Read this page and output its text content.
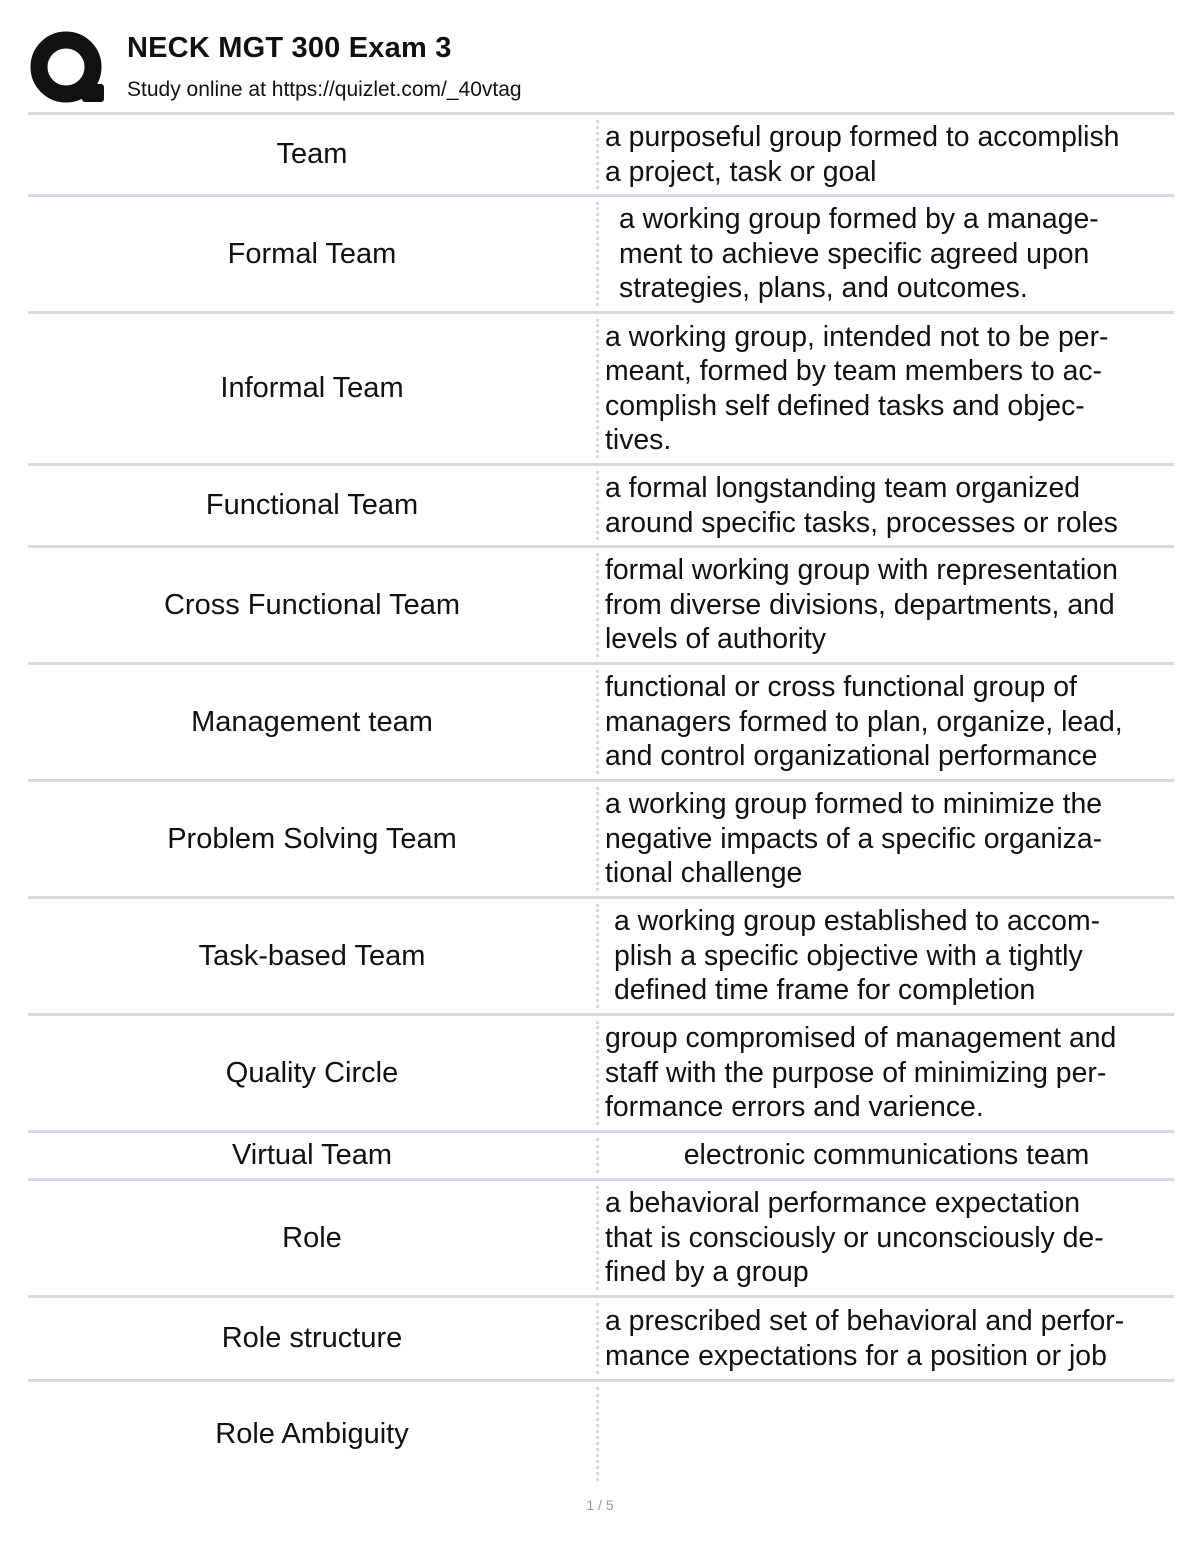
NECK MGT 300 Exam 3
Study online at https://quizlet.com/_40vtag
Team
a purposeful group formed to accomplish
a project, task or goal
Formal Team
a working group formed by a manage-
ment to achieve specific agreed upon
strategies, plans, and outcomes.
Informal Team
a working group, intended not to be per-
meant, formed by team members to ac-
complish self defined tasks and objec-
tives.
Functional Team
a formal longstanding team organized
around specific tasks, processes or roles
Cross Functional Team
formal working group with representation
from diverse divisions, departments, and
levels of authority
Management team
functional or cross functional group of
managers formed to plan, organize, lead,
and control organizational performance
Problem Solving Team
a working group formed to minimize the
negative impacts of a specific organiza-
tional challenge
Task-based Team
a working group established to accom-
plish a specific objective with a tightly
defined time frame for completion
Quality Circle
group compromised of management and
staff with the purpose of minimizing per-
formance errors and varience.
Virtual Team	electronic communications team
Role
a behavioral performance expectation
that is consciously or unconsciously de-
fined by a group
Role structure
a prescribed set of behavioral and perfor-
mance expectations for a position or job
Role Ambiguity
1 / 5
